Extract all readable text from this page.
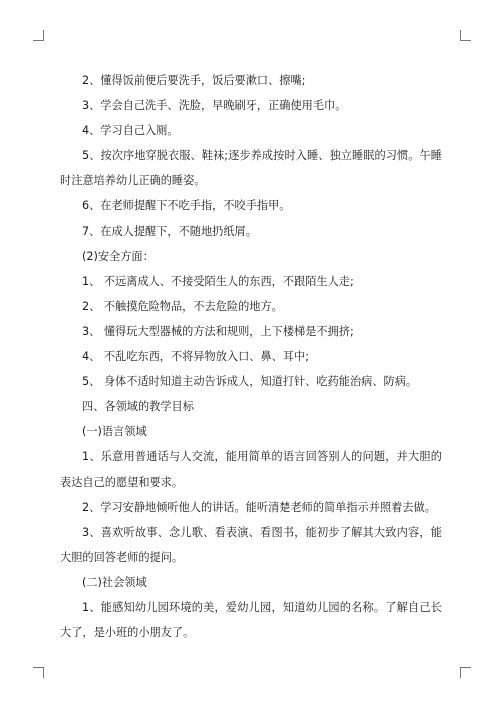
2、懂得饭前便后要洗手，饭后要漱口、擦嘴;

3、学会自己洗手、洗脸，早晚刷牙，正确使用毛巾。

4、学习自己入厕。

5、按次序地穿脱衣服、鞋袜;逐步养成按时入睡、独立睡眠的习惯。午睡时注意培养幼儿正确的睡姿。

6、在老师提醒下不吃手指，不咬手指甲。

7、在成人提醒下，不随地扔纸屑。

(2)安全方面：

1、 不远离成人、不接受陌生人的东西，不跟陌生人走;

2、 不触摸危险物品，不去危险的地方。

3、 懂得玩大型器械的方法和规则，上下楼梯是不拥挤;

4、 不乱吃东西，不将异物放入口、鼻、耳中;

5、 身体不适时知道主动告诉成人，知道打针、吃药能治病、防病。

四、各领域的教学目标

(一)语言领域

1、乐意用普通话与人交流，能用简单的语言回答别人的问题，并大胆的表达自己的愿望和要求。

2、学习安静地倾听他人的讲话。能听清楚老师的简单指示并照着去做。

3、喜欢听故事、念儿歌、看表演、看图书，能初步了解其大致内容，能大胆的回答老师的提问。

(二)社会领域

1、能感知幼儿园环境的美，爱幼儿园，知道幼儿园的名称。了解自己长大了，是小班的小朋友了。
